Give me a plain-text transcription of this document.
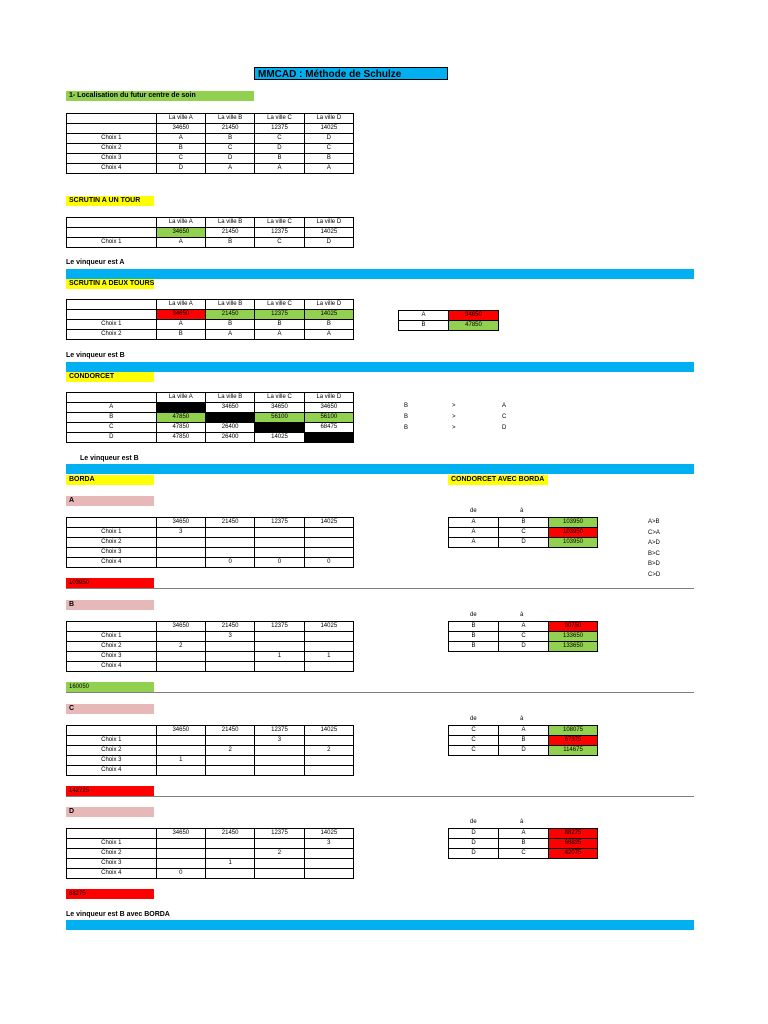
MMCAD : Méthode de Schulze
1- Localisation du futur centre de soin
	La ville A	La ville B	La ville C	La ville D
	34650	21450	12375	14025
Choix 1	A	B	C	D
Choix 2	B	C	D	C
Choix 3	C	D	B	B
Choix 4	D	A	A	A
SCRUTIN A UN TOUR
	La ville A	La ville B	La ville C	La ville D
	34650	21450	12375	14025
Choix 1	A	B	C	D
Le vinqueur est A
SCRUTIN A DEUX TOURS
	La ville A	La ville B	La ville C	La ville D
	34650	21450	12375	14025
Choix 1	A	B	B	B
Choix 2	B	A	A	A
A	34650
B	47850
Le vinqueur est B
CONDORCET
	La ville A	La ville B	La ville C	La ville D
A		34650	34650	34650
B	47850		56100	56100
C	47850	26400		68475
D	47850	26400	14025	
B	>	A
B	>	C
B	>	D
Le vinqueur est B
BORDA	CONDORCET AVEC BORDA
A
	34650	21450	12375	14025
Choix 1	3			
Choix 2				
Choix 3				
Choix 4		0	0	0
103950
de	à
A	B	103950
A	C	103950
A	D	103950
B
	34650	21450	12375	14025
Choix 1		3		
Choix 2	2			
Choix 3			1	1
Choix 4				
160050
de	à
B	A	90750
B	C	133650
B	D	133650
C
	34650	21450	12375	14025
Choix 1			3	
Choix 2		2		2
Choix 3	1			
Choix 4				
142725
de	à
C	A	108075
C	B	67375
C	D	114675
D
	34650	21450	12375	14025
Choix 1				3
Choix 2			2	
Choix 3		1		
Choix 4	0			
88275
de	à
D	A	88275
D	B	66825
D	C	42075
A>B
C>A
A>D
B>C
B>D
C>D
Le vinqueur est B avec BORDA
